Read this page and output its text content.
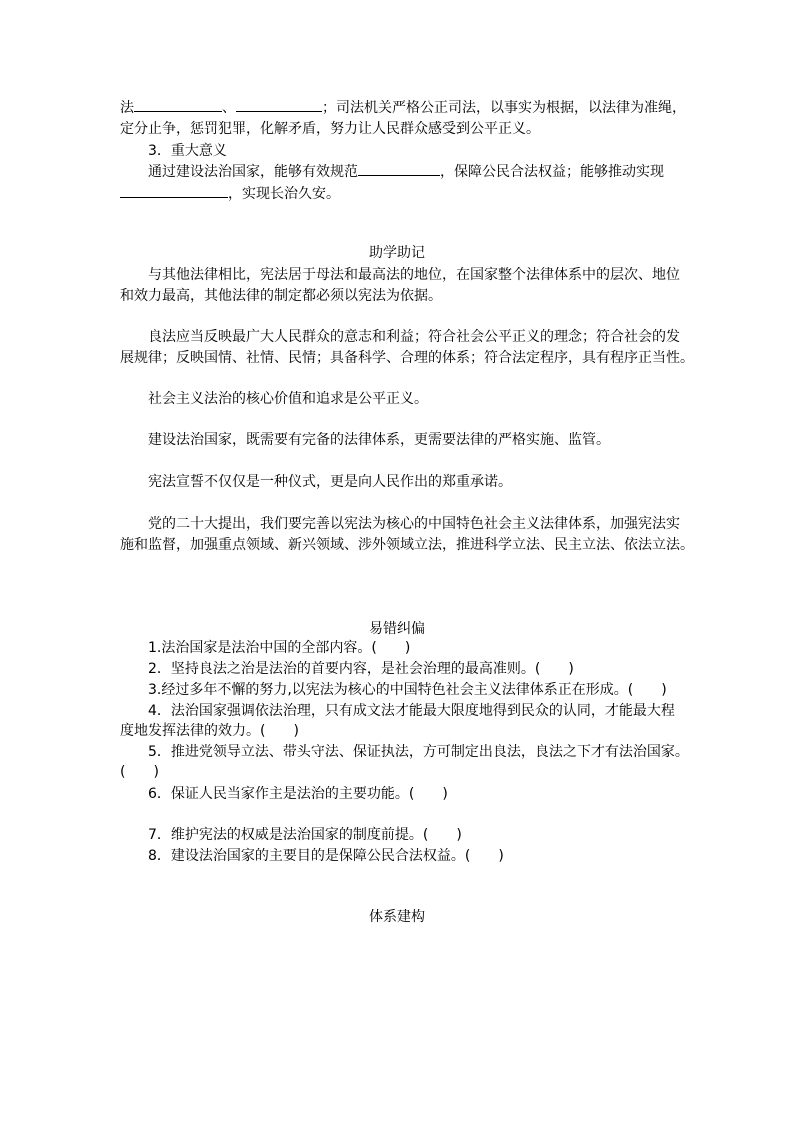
法	、	；司法机关严格公正司法，以事实为根据，以法律为准绳，
定分止争，惩罚犯罪，化解矛盾，努力让人民群众感受到公平正义。
3．重大意义
通过建设法治国家，能够有效规范	，保障公民合法权益；能够推动实现
，实现长治久安。
助学助记
与其他法律相比，宪法居于母法和最高法的地位，在国家整个法律体系中的层次、地位
和效力最高，其他法律的制定都必须以宪法为依据。
良法应当反映最广大人民群众的意志和利益；符合社会公平正义的理念；符合社会的发
展规律；反映国情、社情、民情；具备科学、合理的体系；符合法定程序，具有程序正当性。
社会主义法治的核心价值和追求是公平正义。
建设法治国家，既需要有完备的法律体系，更需要法律的严格实施、监管。
宪法宣誓不仅仅是一种仪式，更是向人民作出的郑重承诺。
党的二十大提出，我们要完善以宪法为核心的中国特色社会主义法律体系，加强宪法实
施和监督，加强重点领域、新兴领域、涉外领域立法，推进科学立法、民主立法、依法立法。
易错纠偏
1.法治国家是法治中国的全部内容。(　　)
2．坚持良法之治是法治的首要内容，是社会治理的最高准则。(　　)
3.经过多年不懈的努力,以宪法为核心的中国特色社会主义法律体系正在形成。(　　)
4．法治国家强调依法治理，只有成文法才能最大限度地得到民众的认同，才能最大程
度地发挥法律的效力。(　　)
5．推进党领导立法、带头守法、保证执法，方可制定出良法，良法之下才有法治国家。
(　　)
6．保证人民当家作主是法治的主要功能。(　　)
7．维护宪法的权威是法治国家的制度前提。(　　)
8．建设法治国家的主要目的是保障公民合法权益。(　　)
体系建构
